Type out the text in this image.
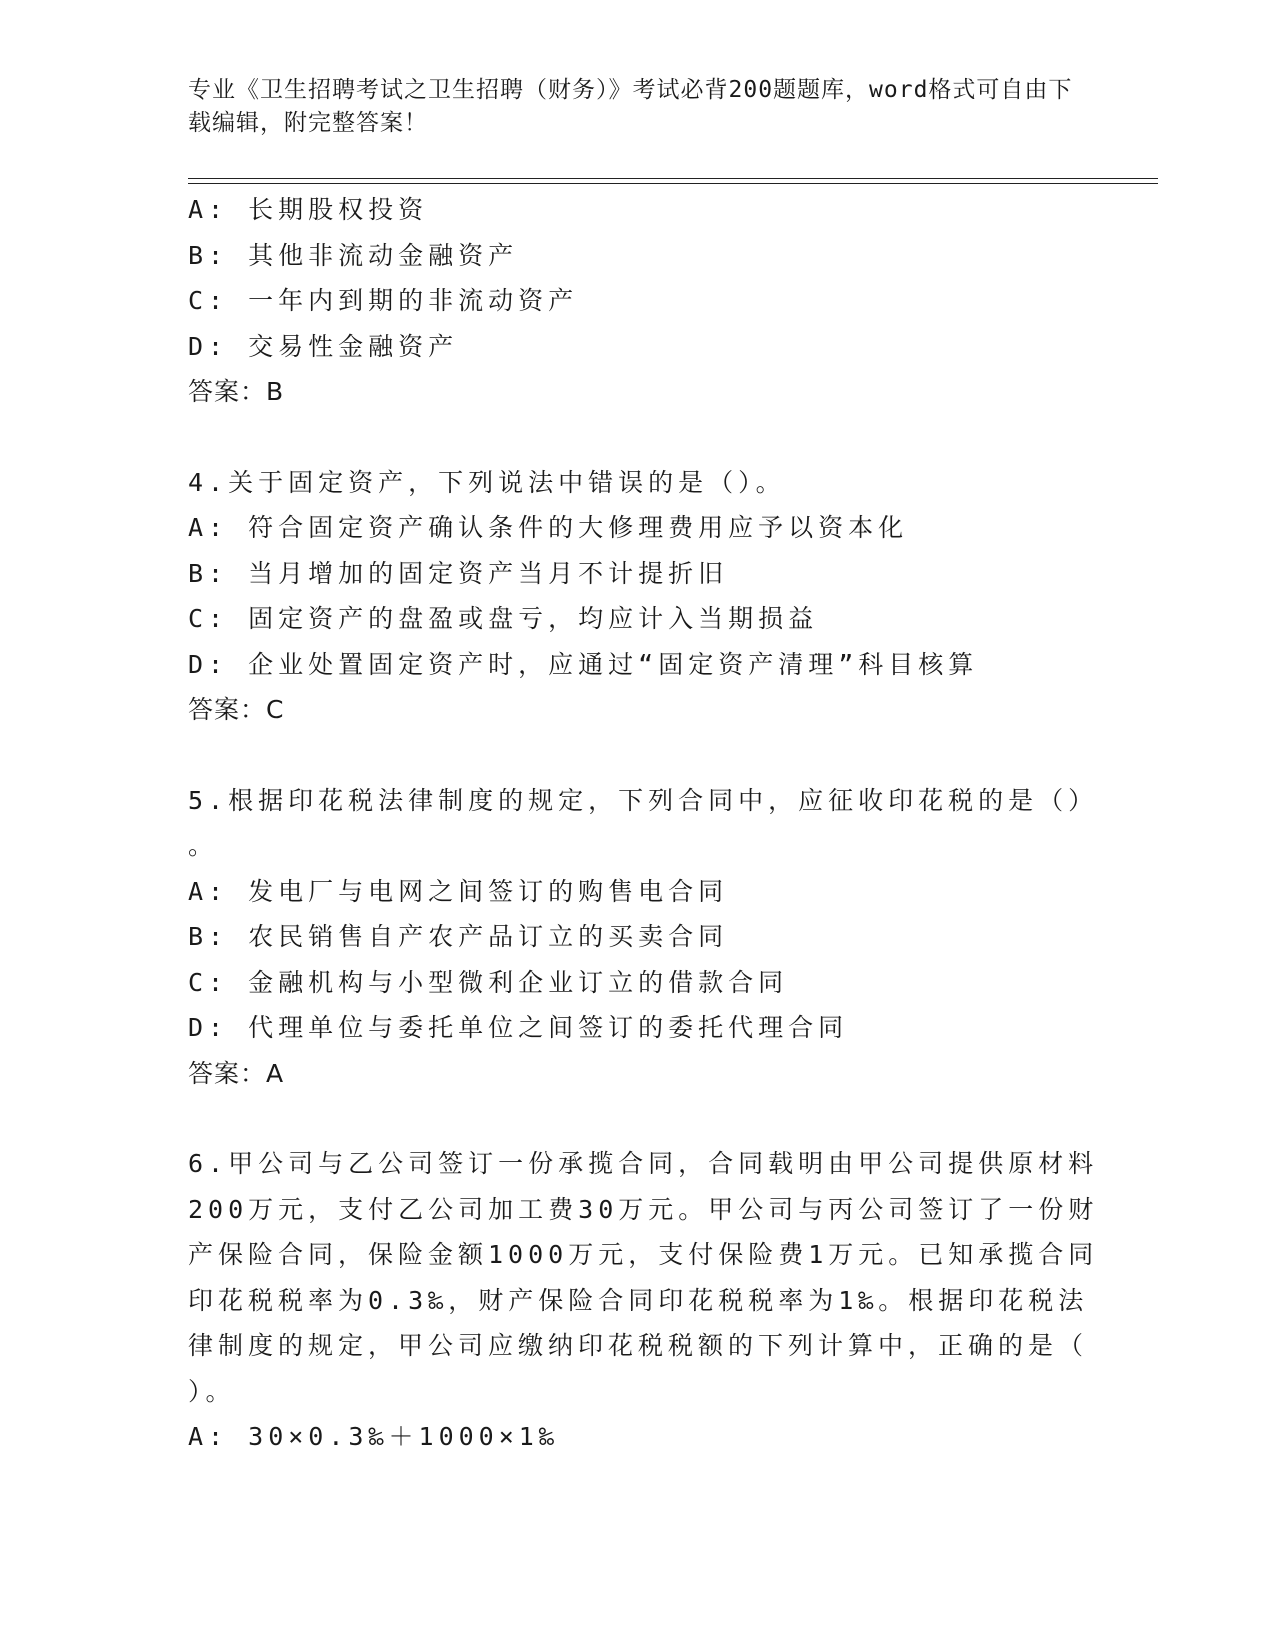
专业《卫生招聘考试之卫生招聘（财务）》考试必背200题题库，word格式可自由下载编辑，附完整答案！
A: 长期股权投资
B: 其他非流动金融资产
C: 一年内到期的非流动资产
D: 交易性金融资产
答案：B
4.关于固定资产，下列说法中错误的是（）。
A: 符合固定资产确认条件的大修理费用应予以资本化
B: 当月增加的固定资产当月不计提折旧
C: 固定资产的盘盈或盘亏，均应计入当期损益
D: 企业处置固定资产时，应通过“固定资产清理”科目核算
答案：C
5.根据印花税法律制度的规定，下列合同中，应征收印花税的是（）
。
A: 发电厂与电网之间签订的购售电合同
B: 农民销售自产农产品订立的买卖合同
C: 金融机构与小型微利企业订立的借款合同
D: 代理单位与委托单位之间签订的委托代理合同
答案：A
6.甲公司与乙公司签订一份承揽合同，合同载明由甲公司提供原材料
200万元，支付乙公司加工费30万元。甲公司与丙公司签订了一份财
产保险合同，保险金额1000万元，支付保险费1万元。已知承揽合同
印花税税率为0.3‰，财产保险合同印花税税率为1‰。根据印花税法
律制度的规定，甲公司应缴纳印花税税额的下列计算中，正确的是（
）。
A: 30×0.3‰＋1000×1‰
